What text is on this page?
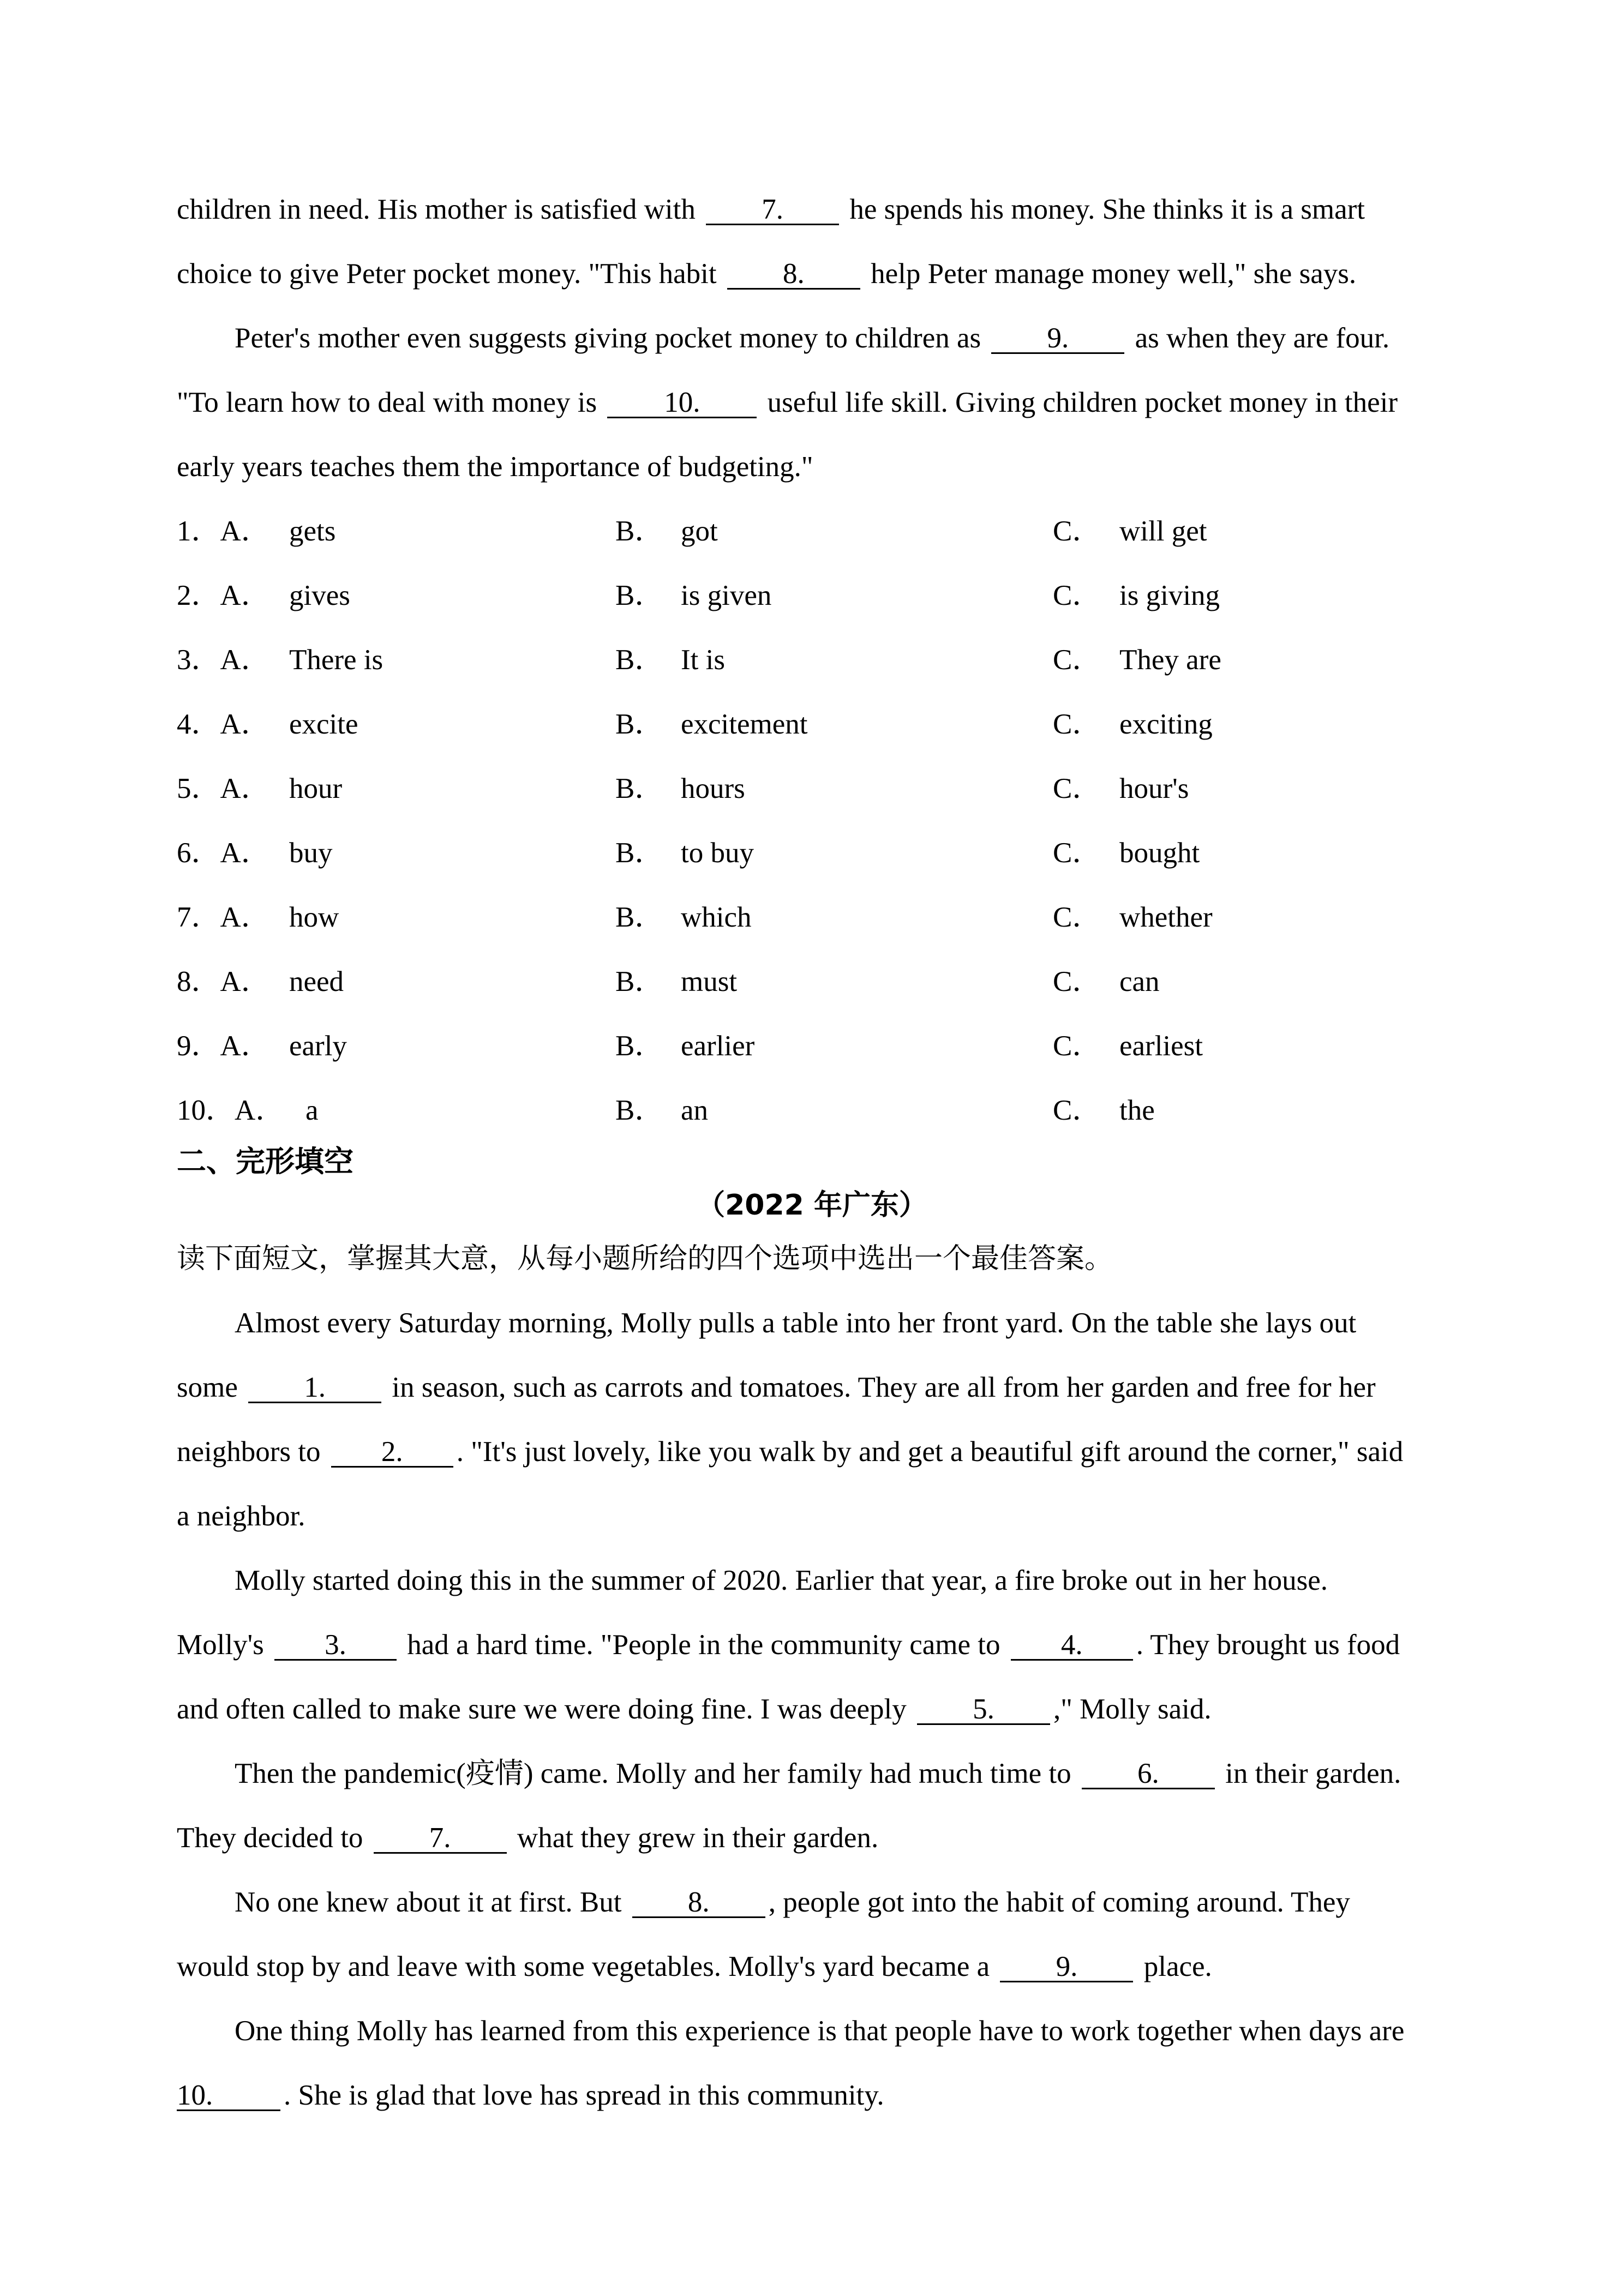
children in need. His mother is satisfied with 7. he spends his money. She thinks it is a smart
choice to give Peter pocket money. "This habit 8. help Peter manage money well," she says.
Peter's mother even suggests giving pocket money to children as 9. as when they are four.
"To learn how to deal with money is 10. useful life skill. Giving children pocket money in their
early years teaches them the importance of budgeting."
1．A． gets	B． got	C． will get
2．A． gives	B． is given	C． is giving
3．A． There is	B． It is	C． They are
4．A． excite	B． excitement	C． exciting
5．A． hour	B． hours	C． hour's
6．A． buy	B． to buy	C． bought
7．A． how	B． which	C． whether
8．A． need	B． must	C． can
9．A． early	B． earlier	C． earliest
10．A． a	B． an	C． the
二、完形填空
（2022 年广东）
读下面短文，掌握其大意，从每小题所给的四个选项中选出一个最佳答案。
Almost every Saturday morning, Molly pulls a table into her front yard. On the table she lays out
some 1. in season, such as carrots and tomatoes. They are all from her garden and free for her
neighbors to 2. . "It's just lovely, like you walk by and get a beautiful gift around the corner," said
a neighbor.
Molly started doing this in the summer of 2020. Earlier that year, a fire broke out in her house.
Molly's 3. had a hard time. "People in the community came to 4. . They brought us food
and often called to make sure we were doing fine. I was deeply 5. ," Molly said.
Then the pandemic(疫情) came. Molly and her family had much time to 6. in their garden.
They decided to 7. what they grew in their garden.
No one knew about it at first. But 8. , people got into the habit of coming around. They
would stop by and leave with some vegetables. Molly's yard became a 9. place.
One thing Molly has learned from this experience is that people have to work together when days are
10. . She is glad that love has spread in this community.
